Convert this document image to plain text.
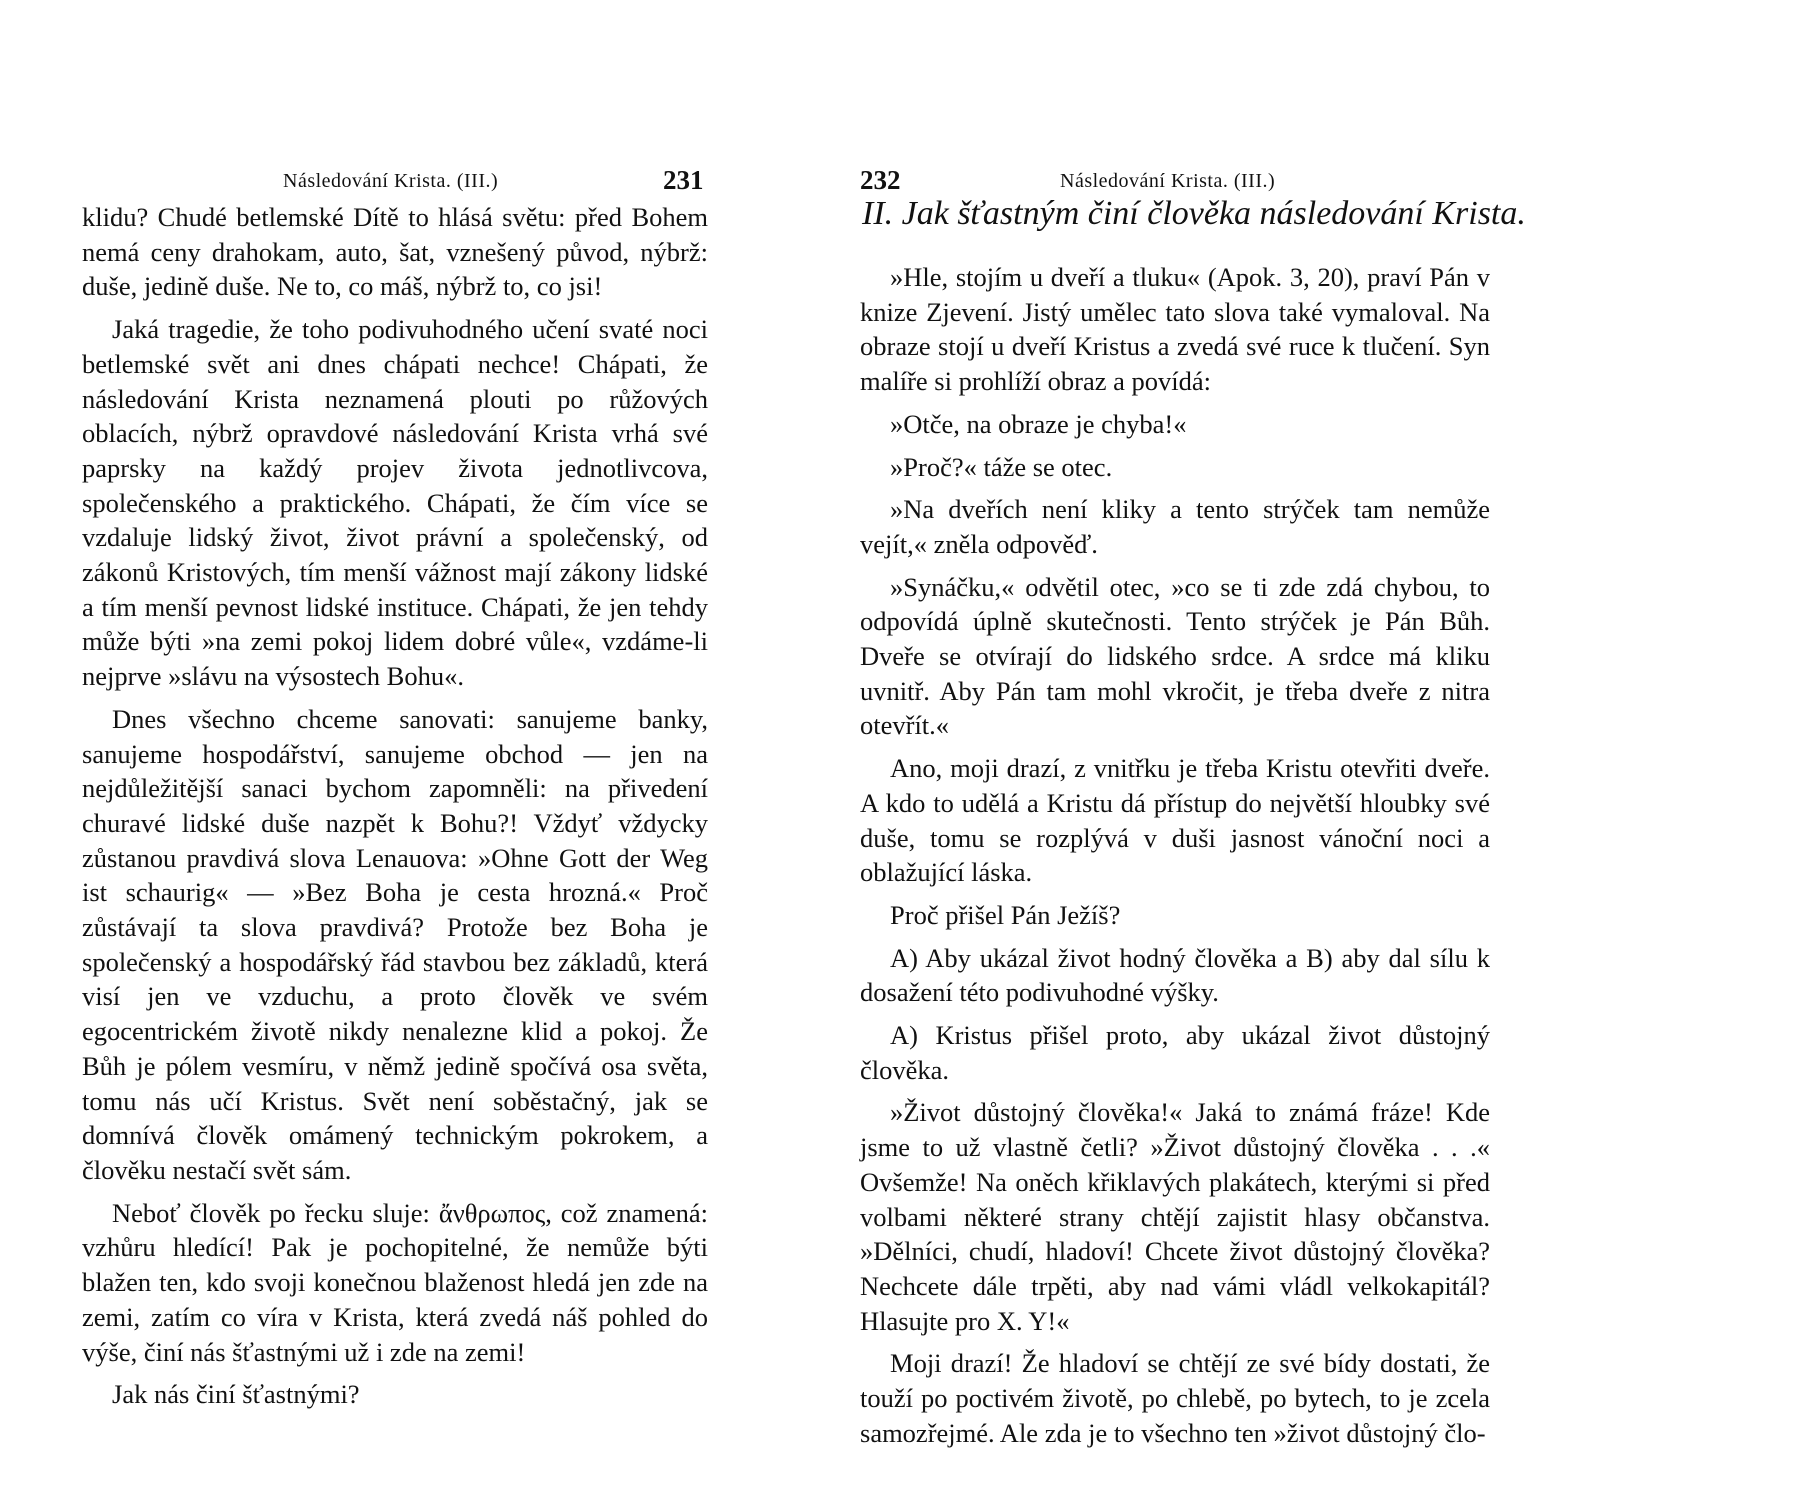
Následování Krista. (III.)	231

klidu? Chudé betlemské Dítě to hlásá světu: před Bohem nemá ceny drahokam, auto, šat, vznešený původ, nýbrž: duše, jedině duše. Ne to, co máš, nýbrž to, co jsi!

Jaká tragedie, že toho podivuhodného učení svaté noci betlemské svět ani dnes chápati nechce! Chápati, že následování Krista neznamená plouti po růžových oblacích, nýbrž opravdové následování Krista vrhá své paprsky na každý projev života jednotlivcova, společenského a praktického. Chápati, že čím více se vzdaluje lidský život, život právní a společenský, od zákonů Kristových, tím menší vážnost mají zákony lidské a tím menší pevnost lidské instituce. Chápati, že jen tehdy může býti »na zemi pokoj lidem dobré vůle«, vzdáme-li nejprve »slávu na výsostech Bohu«.

Dnes všechno chceme sanovati: sanujeme banky, sanujeme hospodářství, sanujeme obchod — jen na nejdůležitější sanaci bychom zapomněli: na přivedení churavé lidské duše nazpět k Bohu?! Vždyť vždycky zůstanou pravdivá slova Lenauova: »Ohne Gott der Weg ist schaurig« — »Bez Boha je cesta hrozná.« Proč zůstávají ta slova pravdivá? Protože bez Boha je společenský a hospodářský řád stavbou bez základů, která visí jen ve vzduchu, a proto člověk ve svém egocentrickém životě nikdy nenalezne klid a pokoj. Že Bůh je pólem vesmíru, v němž jedině spočívá osa světa, tomu nás učí Kristus. Svět není soběstačný, jak se domnívá člověk omámený technickým pokrokem, a člověku nestačí svět sám.

Neboť člověk po řecku sluje: ἄνθρωπος, což znamená: vzhůru hledící! Pak je pochopitelné, že nemůže býti blažen ten, kdo svoji konečnou blaženost hledá jen zde na zemi, zatím co víra v Krista, která zvedá náš pohled do výše, činí nás šťastnými už i zde na zemi!

Jak nás činí šťastnými?

232	Následování Krista. (III.)
II. Jak šťastným činí člověka následování Krista.

»Hle, stojím u dveří a tluku« (Apok. 3, 20), praví Pán v knize Zjevení. Jistý umělec tato slova také vymaloval. Na obraze stojí u dveří Kristus a zvedá své ruce k tlučení. Syn malíře si prohlíží obraz a povídá:

»Otče, na obraze je chyba!«

»Proč?« táže se otec.

»Na dveřích není kliky a tento strýček tam nemůže vejít,« zněla odpověď.

»Synáčku,« odvětil otec, »co se ti zde zdá chybou, to odpovídá úplně skutečnosti. Tento strýček je Pán Bůh. Dveře se otvírají do lidského srdce. A srdce má kliku uvnitř. Aby Pán tam mohl vkročit, je třeba dveře z nitra otevřít.«

Ano, moji drazí, z vnitřku je třeba Kristu otevřiti dveře. A kdo to udělá a Kristu dá přístup do největší hloubky své duše, tomu se rozplývá v duši jasnost vánoční noci a oblažující láska.

Proč přišel Pán Ježíš?

A) Aby ukázal život hodný člověka a B) aby dal sílu k dosažení této podivuhodné výšky.

A) Kristus přišel proto, aby ukázal život důstojný člověka.

»Život důstojný člověka!« Jaká to známá fráze! Kde jsme to už vlastně četli? »Život důstojný člověka . . .« Ovšemže! Na oněch křiklavých plakátech, kterými si před volbami některé strany chtějí zajistit hlasy občanstva. »Dělníci, chudí, hladoví! Chcete život důstojný člověka? Nechcete dále trpěti, aby nad vámi vládl velkokapitál? Hlasujte pro X. Y!«

Moji drazí! Že hladoví se chtějí ze své bídy dostati, že touží po poctivém životě, po chlebě, po bytech, to je zcela samozřejmé. Ale zda je to všechno ten »život důstojný člo-
